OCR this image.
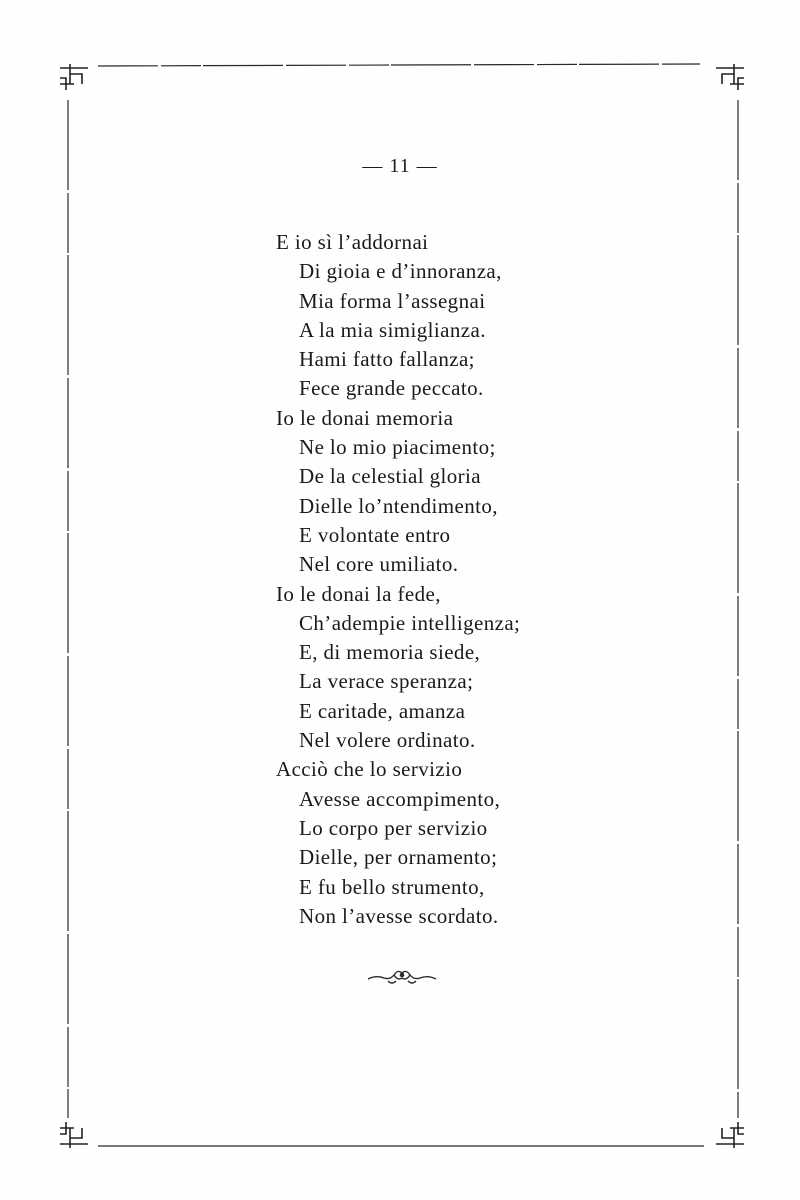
— 11 —
E io sì l’addornai
Di gioia e d’innoranza,
Mia forma l’assegnai
A la mia simiglianza.
Hami fatto fallanza;
Fece grande peccato.
Io le donai memoria
Ne lo mio piacimento;
De la celestial gloria
Dielle lo’ntendimento,
E volontate entro
Nel core umiliato.
Io le donai la fede,
Ch’adempie intelligenza;
E, di memoria siede,
La verace speranza;
E caritade, amanza
Nel volere ordinato.
Acciò che lo servizio
Avesse accompimento,
Lo corpo per servizio
Dielle, per ornamento;
E fu bello strumento,
Non l’avesse scordato.
